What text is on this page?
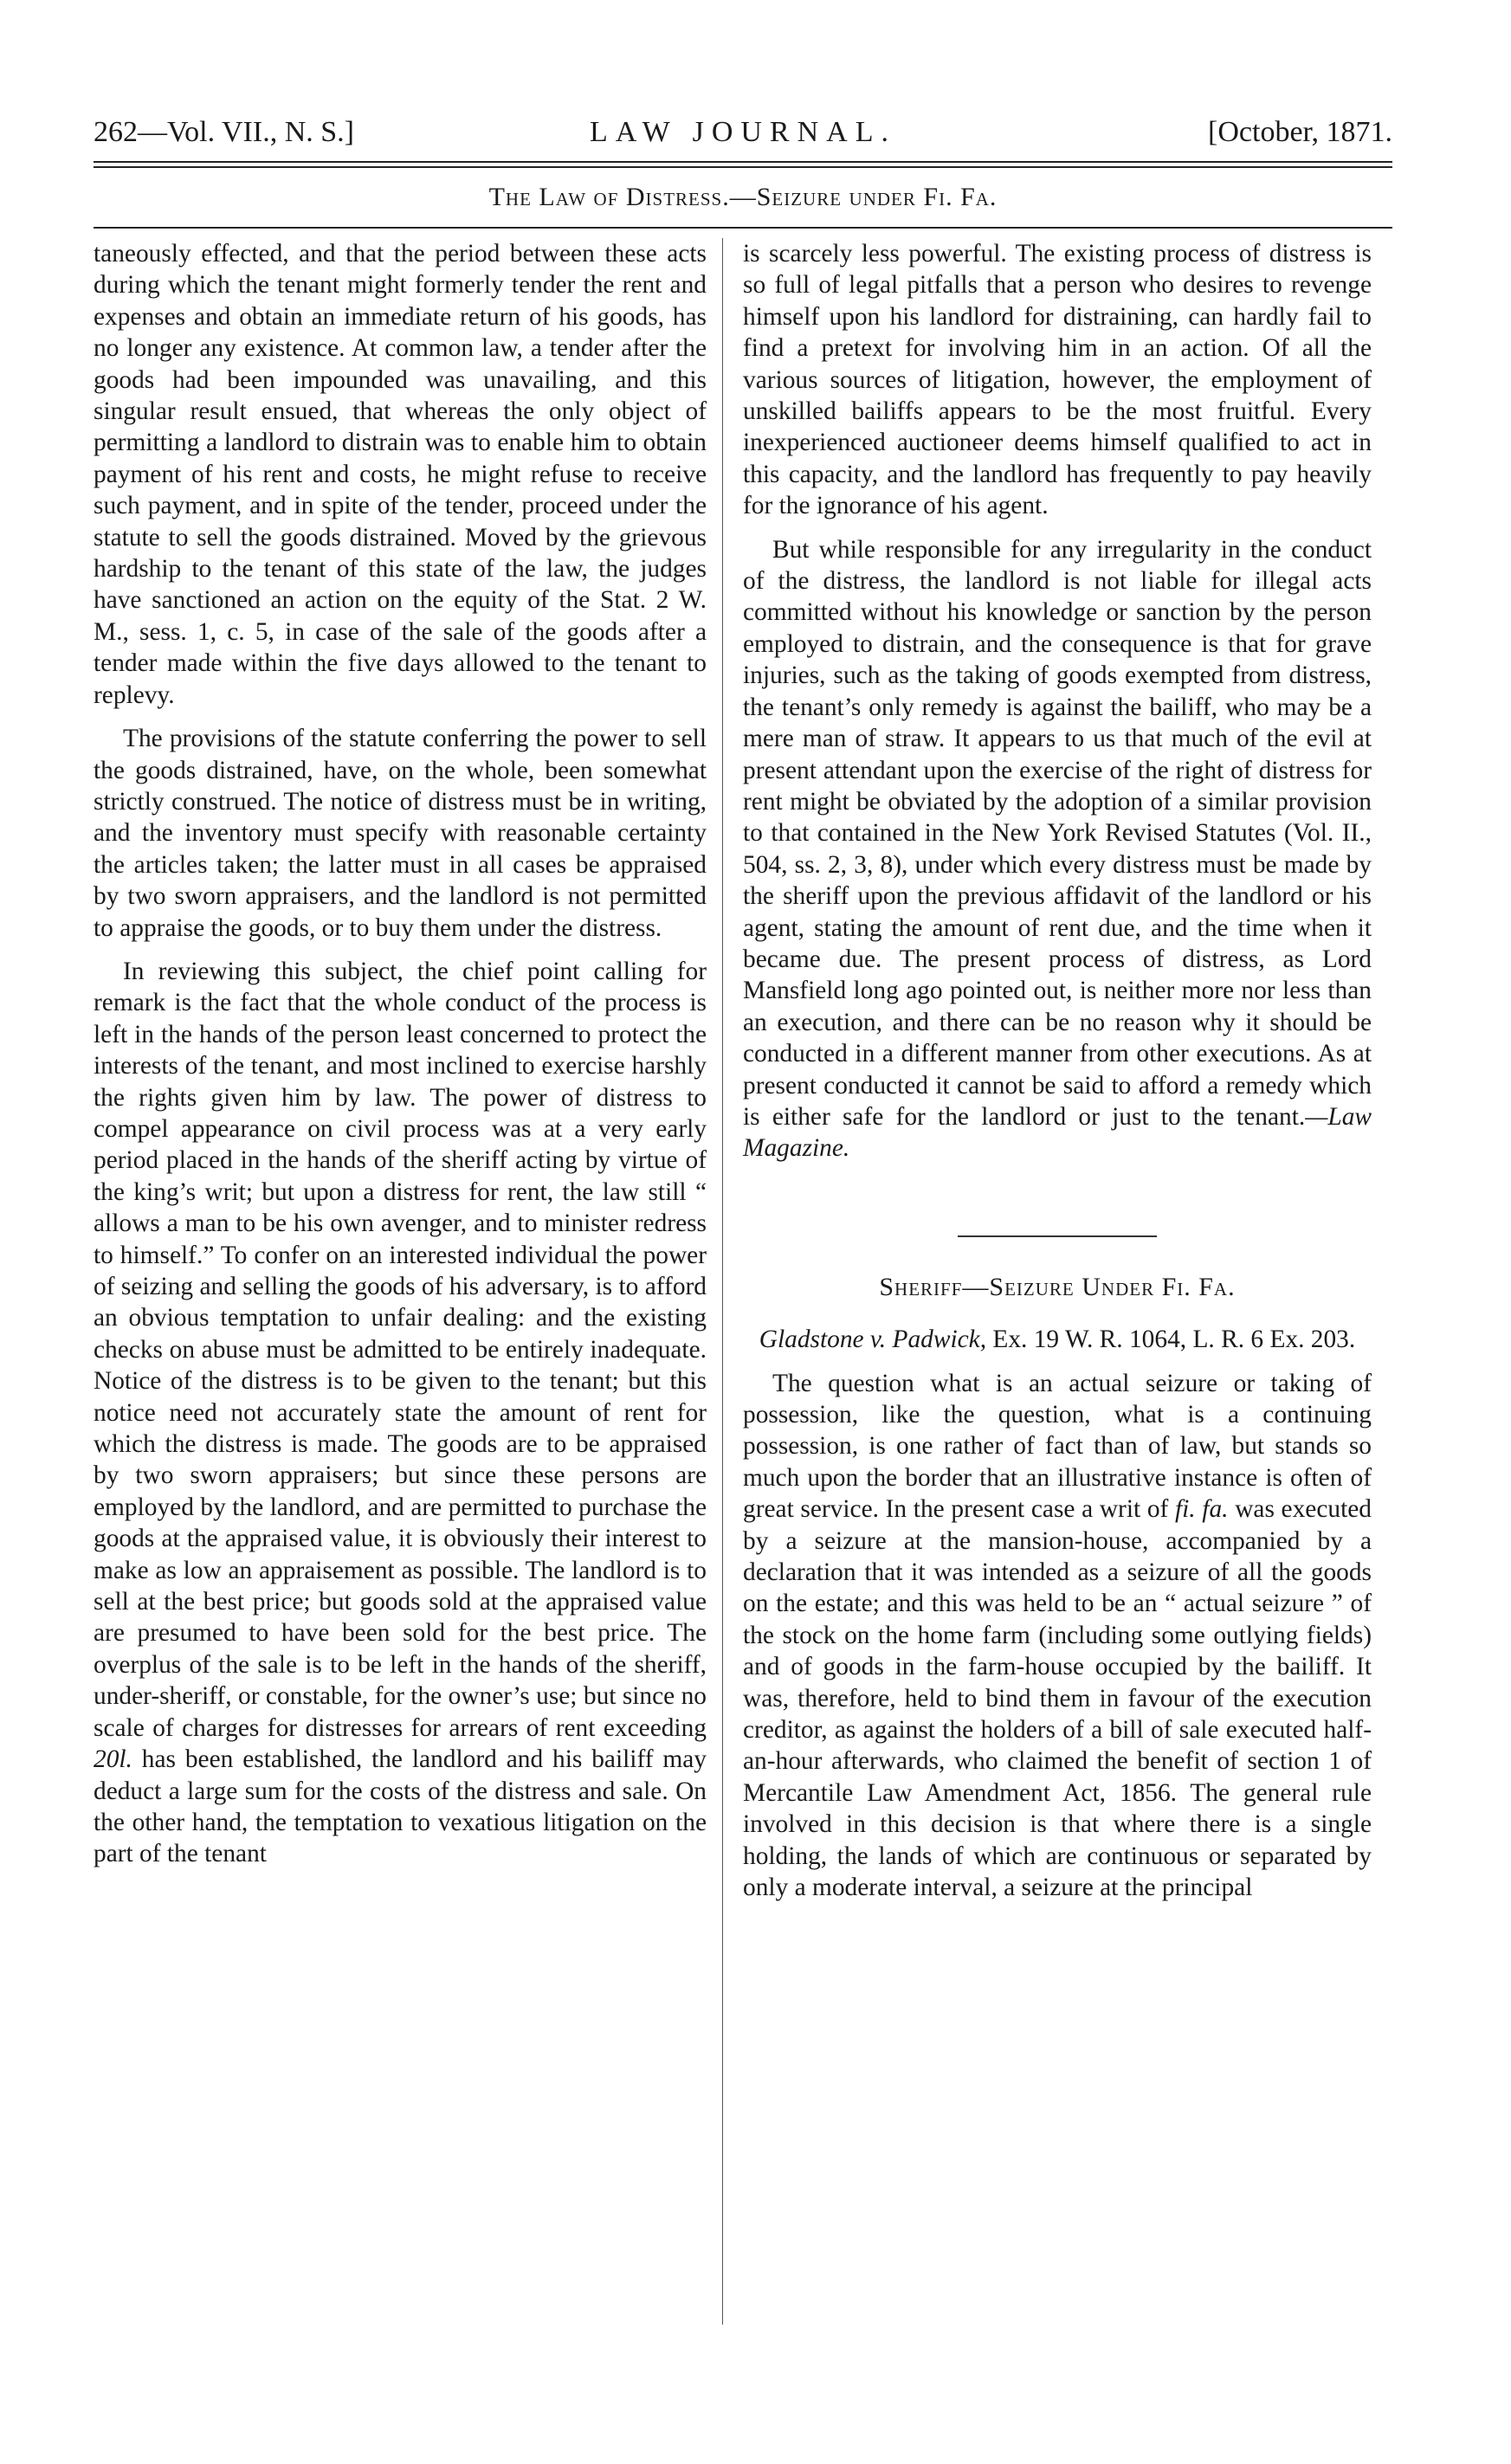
LAW JOURNAL.
262—Vol. VII., N. S.]	[October, 1871.
The Law of Distress.—Seizure under Fi. Fa.

taneously effected, and that the period between these acts during which the tenant might formerly tender the rent and expenses and obtain an immediate return of his goods, has no longer any existence. At common law, a tender after the goods had been impounded was unavailing, and this singular result ensued, that whereas the only object of permitting a landlord to distrain was to enable him to obtain payment of his rent and costs, he might refuse to receive such payment, and in spite of the tender, proceed under the statute to sell the goods distrained. Moved by the grievous hardship to the tenant of this state of the law, the judges have sanctioned an action on the equity of the Stat. 2 W. M., sess. 1, c. 5, in case of the sale of the goods after a tender made within the five days allowed to the tenant to replevy.

The provisions of the statute conferring the power to sell the goods distrained, have, on the whole, been somewhat strictly construed. The notice of distress must be in writing, and the inventory must specify with reasonable certainty the articles taken; the latter must in all cases be appraised by two sworn appraisers, and the landlord is not permitted to appraise the goods, or to buy them under the distress.

In reviewing this subject, the chief point calling for remark is the fact that the whole conduct of the process is left in the hands of the person least concerned to protect the interests of the tenant, and most inclined to exercise harshly the rights given him by law. The power of distress to compel appearance on civil process was at a very early period placed in the hands of the sheriff acting by virtue of the king’s writ; but upon a distress for rent, the law still “ allows a man to be his own avenger, and to minister redress to himself.” To confer on an interested individual the power of seizing and selling the goods of his adversary, is to afford an obvious temptation to unfair dealing: and the existing checks on abuse must be admitted to be entirely inadequate. Notice of the distress is to be given to the tenant; but this notice need not accurately state the amount of rent for which the distress is made. The goods are to be appraised by two sworn appraisers; but since these persons are employed by the landlord, and are permitted to purchase the goods at the appraised value, it is obviously their interest to make as low an appraisement as possible. The landlord is to sell at the best price; but goods sold at the appraised value are presumed to have been sold for the best price. The overplus of the sale is to be left in the hands of the sheriff, under-sheriff, or constable, for the owner’s use; but since no scale of charges for distresses for arrears of rent exceeding 20l. has been established, the landlord and his bailiff may deduct a large sum for the costs of the distress and sale. On the other hand, the temptation to vexatious litigation on the part of the tenant

is scarcely less powerful. The existing process of distress is so full of legal pitfalls that a person who desires to revenge himself upon his landlord for distraining, can hardly fail to find a pretext for involving him in an action. Of all the various sources of litigation, however, the employment of unskilled bailiffs appears to be the most fruitful. Every inexperienced auctioneer deems himself qualified to act in this capacity, and the landlord has frequently to pay heavily for the ignorance of his agent.

But while responsible for any irregularity in the conduct of the distress, the landlord is not liable for illegal acts committed without his knowledge or sanction by the person employed to distrain, and the consequence is that for grave injuries, such as the taking of goods exempted from distress, the tenant’s only remedy is against the bailiff, who may be a mere man of straw. It appears to us that much of the evil at present attendant upon the exercise of the right of distress for rent might be obviated by the adoption of a similar provision to that contained in the New York Revised Statutes (Vol. II., 504, ss. 2, 3, 8), under which every distress must be made by the sheriff upon the previous affidavit of the landlord or his agent, stating the amount of rent due, and the time when it became due. The present process of distress, as Lord Mansfield long ago pointed out, is neither more nor less than an execution, and there can be no reason why it should be conducted in a different manner from other executions. As at present conducted it cannot be said to afford a remedy which is either safe for the landlord or just to the tenant.—Law Magazine.

Sheriff—Seizure Under Fi. Fa.
Gladstone v. Padwick, Ex. 19 W. R. 1064, L. R. 6 Ex. 203.

The question what is an actual seizure or taking of possession, like the question, what is a continuing possession, is one rather of fact than of law, but stands so much upon the border that an illustrative instance is often of great service. In the present case a writ of fi. fa. was executed by a seizure at the mansion-house, accompanied by a declaration that it was intended as a seizure of all the goods on the estate; and this was held to be an “ actual seizure ” of the stock on the home farm (including some outlying fields) and of goods in the farm-house occupied by the bailiff. It was, therefore, held to bind them in favour of the execution creditor, as against the holders of a bill of sale executed half-an-hour afterwards, who claimed the benefit of section 1 of Mercantile Law Amendment Act, 1856. The general rule involved in this decision is that where there is a single holding, the lands of which are continuous or separated by only a moderate interval, a seizure at the principal
